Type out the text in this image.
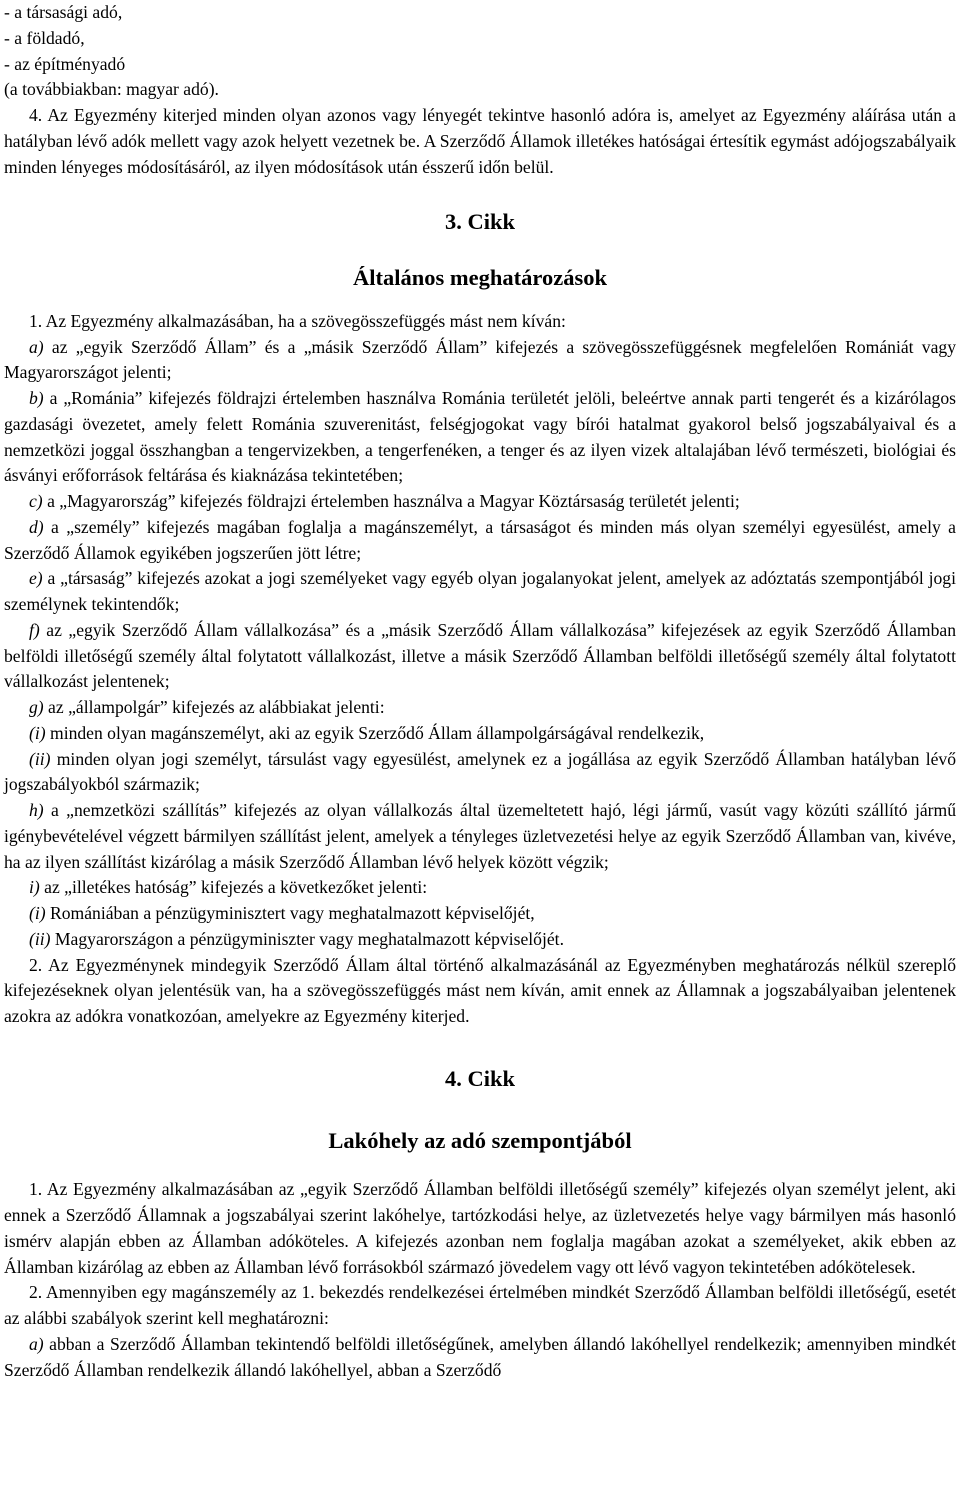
- a társasági adó,

- a földadó,

- az építményadó

(a továbbiakban: magyar adó).

4. Az Egyezmény kiterjed minden olyan azonos vagy lényegét tekintve hasonló adóra is, amelyet az Egyezmény aláírása után a hatályban lévő adók mellett vagy azok helyett vezetnek be. A Szerződő Államok illetékes hatóságai értesítik egymást adójogszabályaik minden lényeges módosításáról, az ilyen módosítások után ésszerű időn belül.

3. Cikk
Általános meghatározások

1. Az Egyezmény alkalmazásában, ha a szövegösszefüggés mást nem kíván:

a) az „egyik Szerződő Állam” és a „másik Szerződő Állam” kifejezés a szövegösszefüggésnek megfelelően Romániát vagy Magyarországot jelenti;

b) a „Románia” kifejezés földrajzi értelemben használva Románia területét jelöli, beleértve annak parti tengerét és a kizárólagos gazdasági övezetet, amely felett Románia szuverenitást, felségjogokat vagy bírói hatalmat gyakorol belső jogszabályaival és a nemzetközi joggal összhangban a tengervizekben, a tengerfenéken, a tenger és az ilyen vizek altalajában lévő természeti, biológiai és ásványi erőforrások feltárása és kiaknázása tekintetében;

c) a „Magyarország” kifejezés földrajzi értelemben használva a Magyar Köztársaság területét jelenti;

d) a „személy” kifejezés magában foglalja a magánszemélyt, a társaságot és minden más olyan személyi egyesülést, amely a Szerződő Államok egyikében jogszerűen jött létre;

e) a „társaság” kifejezés azokat a jogi személyeket vagy egyéb olyan jogalanyokat jelent, amelyek az adóztatás szempontjából jogi személynek tekintendők;

f) az „egyik Szerződő Állam vállalkozása” és a „másik Szerződő Állam vállalkozása” kifejezések az egyik Szerződő Államban belföldi illetőségű személy által folytatott vállalkozást, illetve a másik Szerződő Államban belföldi illetőségű személy által folytatott vállalkozást jelentenek;

g) az „állampolgár” kifejezés az alábbiakat jelenti:

(i) minden olyan magánszemélyt, aki az egyik Szerződő Állam állampolgárságával rendelkezik,

(ii) minden olyan jogi személyt, társulást vagy egyesülést, amelynek ez a jogállása az egyik Szerződő Államban hatályban lévő jogszabályokból származik;

h) a „nemzetközi szállítás” kifejezés az olyan vállalkozás által üzemeltetett hajó, légi jármű, vasút vagy közúti szállító jármű igénybevételével végzett bármilyen szállítást jelent, amelyek a tényleges üzletvezetési helye az egyik Szerződő Államban van, kivéve, ha az ilyen szállítást kizárólag a másik Szerződő Államban lévő helyek között végzik;

i) az „illetékes hatóság” kifejezés a következőket jelenti:

(i) Romániában a pénzügyminisztert vagy meghatalmazott képviselőjét,

(ii) Magyarországon a pénzügyminiszter vagy meghatalmazott képviselőjét.

2. Az Egyezménynek mindegyik Szerződő Állam által történő alkalmazásánál az Egyezményben meghatározás nélkül szereplő kifejezéseknek olyan jelentésük van, ha a szövegösszefüggés mást nem kíván, amit ennek az Államnak a jogszabályaiban jelentenek azokra az adókra vonatkozóan, amelyekre az Egyezmény kiterjed.

4. Cikk
Lakóhely az adó szempontjából

1. Az Egyezmény alkalmazásában az „egyik Szerződő Államban belföldi illetőségű személy” kifejezés olyan személyt jelent, aki ennek a Szerződő Államnak a jogszabályai szerint lakóhelye, tartózkodási helye, az üzletvezetés helye vagy bármilyen más hasonló ismérv alapján ebben az Államban adóköteles. A kifejezés azonban nem foglalja magában azokat a személyeket, akik ebben az Államban kizárólag az ebben az Államban lévő forrásokból származó jövedelem vagy ott lévő vagyon tekintetében adókötelesek.

2. Amennyiben egy magánszemély az 1. bekezdés rendelkezései értelmében mindkét Szerződő Államban belföldi illetőségű, esetét az alábbi szabályok szerint kell meghatározni:

a) abban a Szerződő Államban tekintendő belföldi illetőségűnek, amelyben állandó lakóhellyel rendelkezik; amennyiben mindkét Szerződő Államban rendelkezik állandó lakóhellyel, abban a Szerződő
